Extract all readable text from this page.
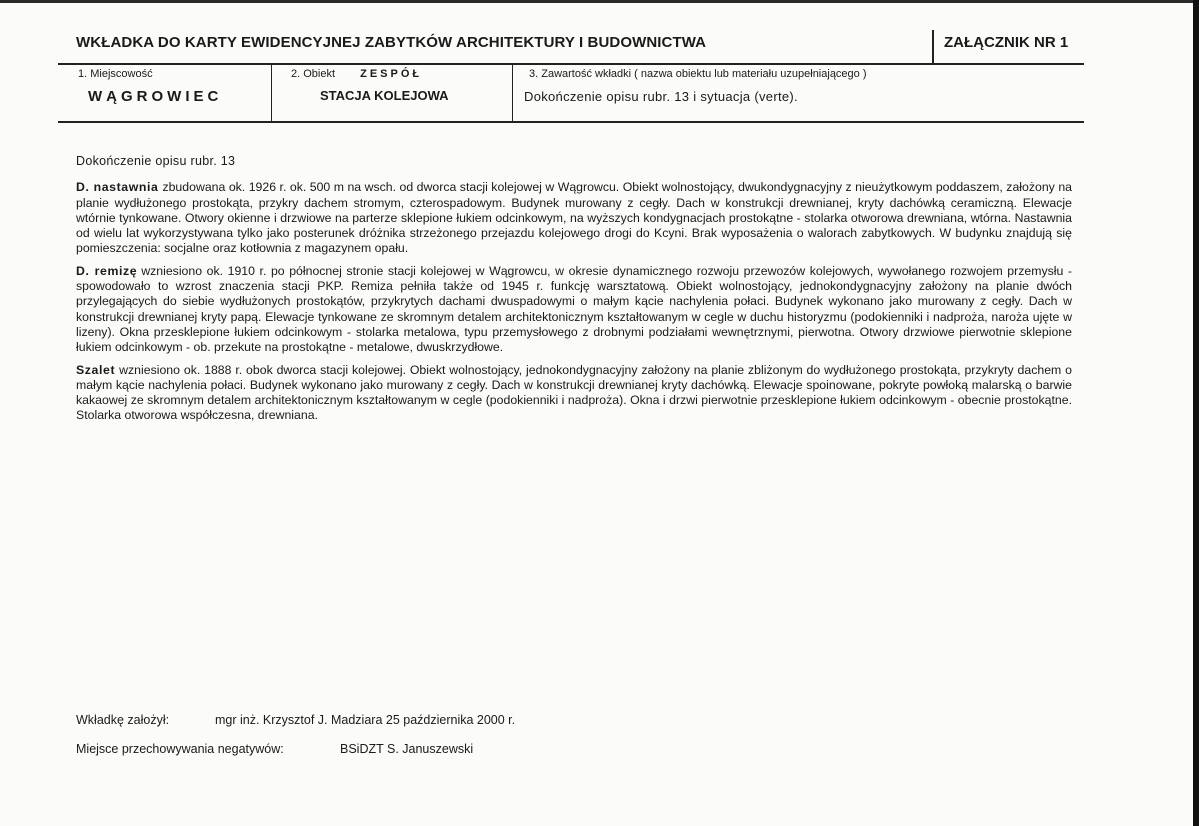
WKŁADKA DO KARTY EWIDENCYJNEJ ZABYTKÓW ARCHITEKTURY I BUDOWNICTWA	ZAŁĄCZNIK NR 1
1. Miejscowość
WĄGROWIEC
2. Obiekt ZESPÓŁ
STACJA KOLEJOWA
3. Zawartość wkładki ( nazwa obiektu lub materiału uzupełniającego )
Dokończenie opisu rubr. 13 i sytuacja (verte).

Dokończenie opisu rubr. 13

D. nastawnia zbudowana ok. 1926 r. ok. 500 m na wsch. od dworca stacji kolejowej w Wągrowcu. Obiekt wolnostojący, dwukondygnacyjny z nieużytkowym poddaszem, założony na planie wydłużonego prostokąta, przykry dachem stromym, czterospadowym. Budynek murowany z cegły. Dach w konstrukcji drewnianej, kryty dachówką ceramiczną. Elewacje wtórnie tynkowane. Otwory okienne i drzwiowe na parterze sklepione łukiem odcinkowym, na wyższych kondygnacjach prostokątne - stolarka otworowa drewniana, wtórna. Nastawnia od wielu lat wykorzystywana tylko jako posterunek dróżnika strzeżonego przejazdu kolejowego drogi do Kcyni. Brak wyposażenia o walorach zabytkowych. W budynku znajdują się pomieszczenia: socjalne oraz kotłownia z magazynem opału.

D. remizę wzniesiono ok. 1910 r. po północnej stronie stacji kolejowej w Wągrowcu, w okresie dynamicznego rozwoju przewozów kolejowych, wywołanego rozwojem przemysłu - spowodowało to wzrost znaczenia stacji PKP. Remiza pełniła także od 1945 r. funkcję warsztatową. Obiekt wolnostojący, jednokondygnacyjny założony na planie dwóch przylegających do siebie wydłużonych prostokątów, przykrytych dachami dwuspadowymi o małym kącie nachylenia połaci. Budynek wykonano jako murowany z cegły. Dach w konstrukcji drewnianej kryty papą. Elewacje tynkowane ze skromnym detalem architektonicznym kształtowanym w cegle w duchu historyzmu (podokienniki i nadproża, naroża ujęte w lizeny). Okna przesklepione łukiem odcinkowym - stolarka metalowa, typu przemysłowego z drobnymi podziałami wewnętrznymi, pierwotna. Otwory drzwiowe pierwotnie sklepione łukiem odcinkowym - ob. przekute na prostokątne - metalowe, dwuskrzydłowe.

Szalet wzniesiono ok. 1888 r. obok dworca stacji kolejowej. Obiekt wolnostojący, jednokondygnacyjny założony na planie zbliżonym do wydłużonego prostokąta, przykryty dachem o małym kącie nachylenia połaci. Budynek wykonano jako murowany z cegły. Dach w konstrukcji drewnianej kryty dachówką. Elewacje spoinowane, pokryte powłoką malarską o barwie kakaowej ze skromnym detalem architektonicznym kształtowanym w cegle (podokienniki i nadproża). Okna i drzwi pierwotnie przesklepione łukiem odcinkowym - obecnie prostokątne. Stolarka otworowa współczesna, drewniana.

Wkładkę założył:	mgr inż. Krzysztof J. Madziara 25 października 2000 r.
Miejsce przechowywania negatywów:	BSiDZT S. Januszewski
